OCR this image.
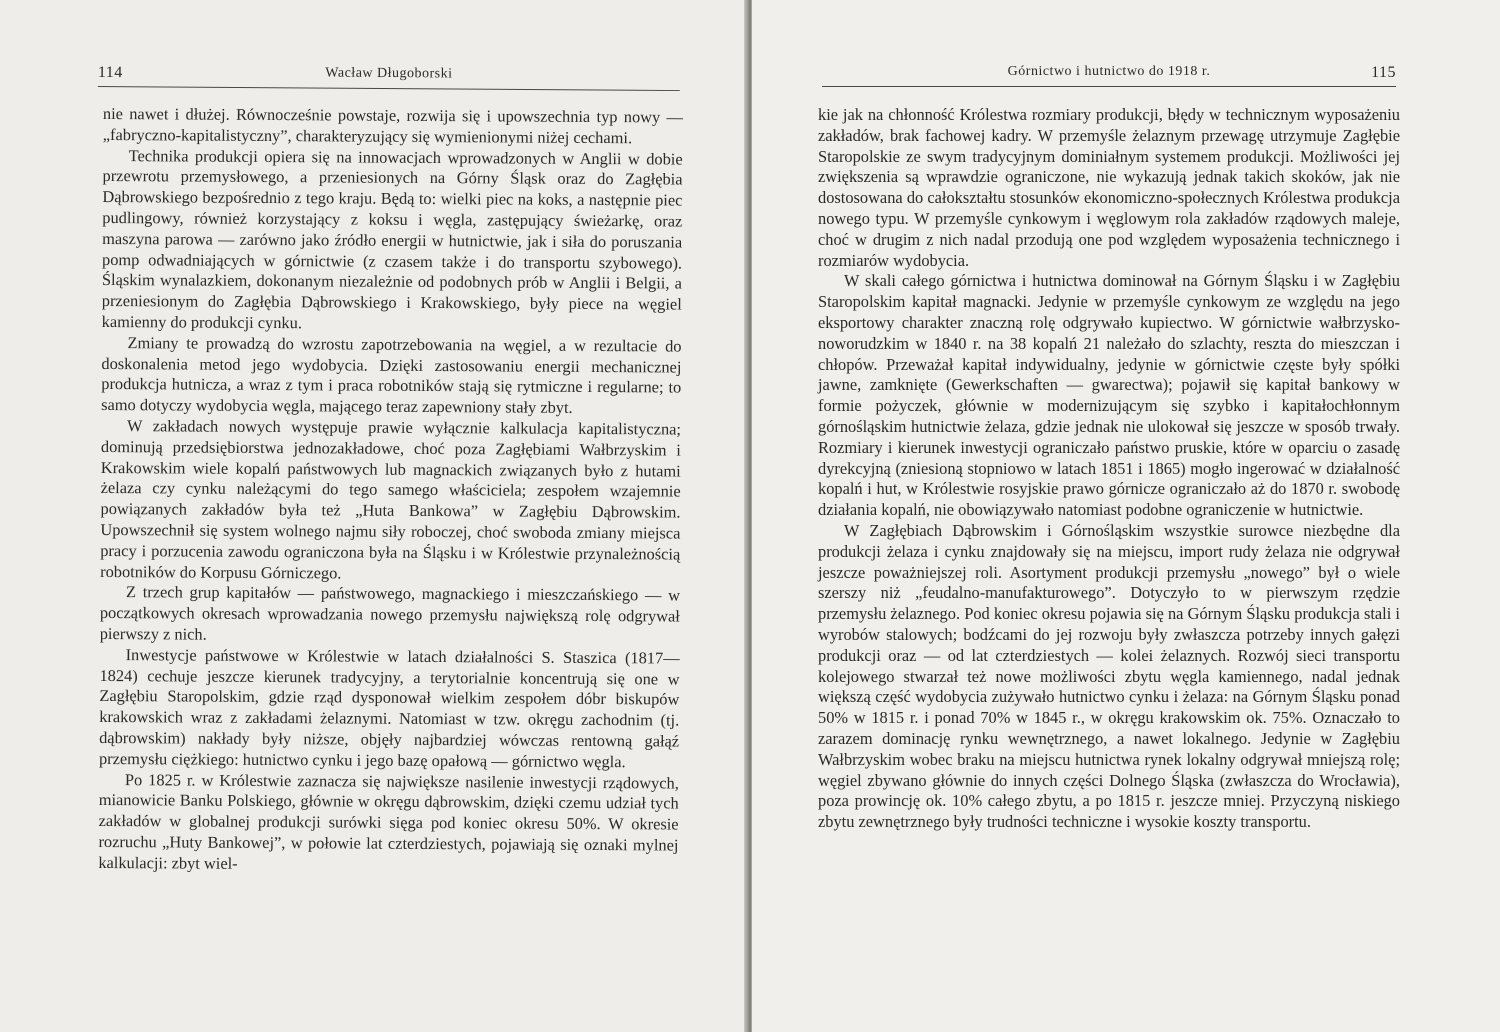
114	Wacław Długoborski

nie nawet i dłużej. Równocześnie powstaje, rozwija się i upowszechnia typ nowy — „fabryczno-kapitalistyczny”, charakteryzujący się wymienionymi niżej cechami.

Technika produkcji opiera się na innowacjach wprowadzonych w Anglii w dobie przewrotu przemysłowego, a przeniesionych na Górny Śląsk oraz do Zagłębia Dąbrowskiego bezpośrednio z tego kraju. Będą to: wielki piec na koks, a następnie piec pudlingowy, również korzystający z koksu i węgla, zastępujący świeżarkę, oraz maszyna parowa — zarówno jako źródło energii w hutnictwie, jak i siła do poruszania pomp odwadniających w górnictwie (z czasem także i do transportu szybowego). Śląskim wynalazkiem, dokonanym niezależnie od podobnych prób w Anglii i Belgii, a przeniesionym do Zagłębia Dąbrowskiego i Krakowskiego, były piece na węgiel kamienny do produkcji cynku.

Zmiany te prowadzą do wzrostu zapotrzebowania na węgiel, a w rezultacie do doskonalenia metod jego wydobycia. Dzięki zastosowaniu energii mechanicznej produkcja hutnicza, a wraz z tym i praca robotników stają się rytmiczne i regularne; to samo dotyczy wydobycia węgla, mającego teraz zapewniony stały zbyt.

W zakładach nowych występuje prawie wyłącznie kalkulacja kapitalistyczna; dominują przedsiębiorstwa jednozakładowe, choć poza Zagłębiami Wałbrzyskim i Krakowskim wiele kopalń państwowych lub magnackich związanych było z hutami żelaza czy cynku należącymi do tego samego właściciela; zespołem wzajemnie powiązanych zakładów była też „Huta Bankowa” w Zagłębiu Dąbrowskim. Upowszechnił się system wolnego najmu siły roboczej, choć swoboda zmiany miejsca pracy i porzucenia zawodu ograniczona była na Śląsku i w Królestwie przynależnością robotników do Korpusu Górniczego.

Z trzech grup kapitałów — państwowego, magnackiego i mieszczańskiego — w początkowych okresach wprowadzania nowego przemysłu największą rolę odgrywał pierwszy z nich.

Inwestycje państwowe w Królestwie w latach działalności S. Staszica (1817—1824) cechuje jeszcze kierunek tradycyjny, a terytorialnie koncentrują się one w Zagłębiu Staropolskim, gdzie rząd dysponował wielkim zespołem dóbr biskupów krakowskich wraz z zakładami żelaznymi. Natomiast w tzw. okręgu zachodnim (tj. dąbrowskim) nakłady były niższe, objęły najbardziej wówczas rentowną gałąź przemysłu ciężkiego: hutnictwo cynku i jego bazę opałową — górnictwo węgla.

Po 1825 r. w Królestwie zaznacza się największe nasilenie inwestycji rządowych, mianowicie Banku Polskiego, głównie w okręgu dąbrowskim, dzięki czemu udział tych zakładów w globalnej produkcji surówki sięga pod koniec okresu 50%. W okresie rozruchu „Huty Bankowej”, w połowie lat czterdziestych, pojawiają się oznaki mylnej kalkulacji: zbyt wiel-

Górnictwo i hutnictwo do 1918 r.	115

kie jak na chłonność Królestwa rozmiary produkcji, błędy w technicznym wyposażeniu zakładów, brak fachowej kadry. W przemyśle żelaznym przewagę utrzymuje Zagłębie Staropolskie ze swym tradycyjnym dominiałnym systemem produkcji. Możliwości jej zwiększenia są wprawdzie ograniczone, nie wykazują jednak takich skoków, jak nie dostosowana do całokształtu stosunków ekonomiczno-społecznych Królestwa produkcja nowego typu. W przemyśle cynkowym i węglowym rola zakładów rządowych maleje, choć w drugim z nich nadal przodują one pod względem wyposażenia technicznego i rozmiarów wydobycia.

W skali całego górnictwa i hutnictwa dominował na Górnym Śląsku i w Zagłębiu Staropolskim kapitał magnacki. Jedynie w przemyśle cynkowym ze względu na jego eksportowy charakter znaczną rolę odgrywało kupiectwo. W górnictwie wałbrzysko-noworudzkim w 1840 r. na 38 kopalń 21 należało do szlachty, reszta do mieszczan i chłopów. Przeważał kapitał indywidualny, jedynie w górnictwie częste były spółki jawne, zamknięte (Gewerkschaften — gwarectwa); pojawił się kapitał bankowy w formie pożyczek, głównie w modernizującym się szybko i kapitałochłonnym górnośląskim hutnictwie żelaza, gdzie jednak nie ulokował się jeszcze w sposób trwały. Rozmiary i kierunek inwestycji ograniczało państwo pruskie, które w oparciu o zasadę dyrekcyjną (zniesioną stopniowo w latach 1851 i 1865) mogło ingerować w działalność kopalń i hut, w Królestwie rosyjskie prawo górnicze ograniczało aż do 1870 r. swobodę działania kopalń, nie obowiązywało natomiast podobne ograniczenie w hutnictwie.

W Zagłębiach Dąbrowskim i Górnośląskim wszystkie surowce niezbędne dla produkcji żelaza i cynku znajdowały się na miejscu, import rudy żelaza nie odgrywał jeszcze poważniejszej roli. Asortyment produkcji przemysłu „nowego” był o wiele szerszy niż „feudalno-manufakturowego”. Dotyczyło to w pierwszym rzędzie przemysłu żelaznego. Pod koniec okresu pojawia się na Górnym Śląsku produkcja stali i wyrobów stalowych; bodźcami do jej rozwoju były zwłaszcza potrzeby innych gałęzi produkcji oraz — od lat czterdziestych — kolei żelaznych. Rozwój sieci transportu kolejowego stwarzał też nowe możliwości zbytu węgla kamiennego, nadal jednak większą część wydobycia zużywało hutnictwo cynku i żelaza: na Górnym Śląsku ponad 50% w 1815 r. i ponad 70% w 1845 r., w okręgu krakowskim ok. 75%. Oznaczało to zarazem dominację rynku wewnętrznego, a nawet lokalnego. Jedynie w Zagłębiu Wałbrzyskim wobec braku na miejscu hutnictwa rynek lokalny odgrywał mniejszą rolę; węgiel zbywano głównie do innych części Dolnego Śląska (zwłaszcza do Wrocławia), poza prowincję ok. 10% całego zbytu, a po 1815 r. jeszcze mniej. Przyczyną niskiego zbytu zewnętrznego były trudności techniczne i wysokie koszty transportu.
